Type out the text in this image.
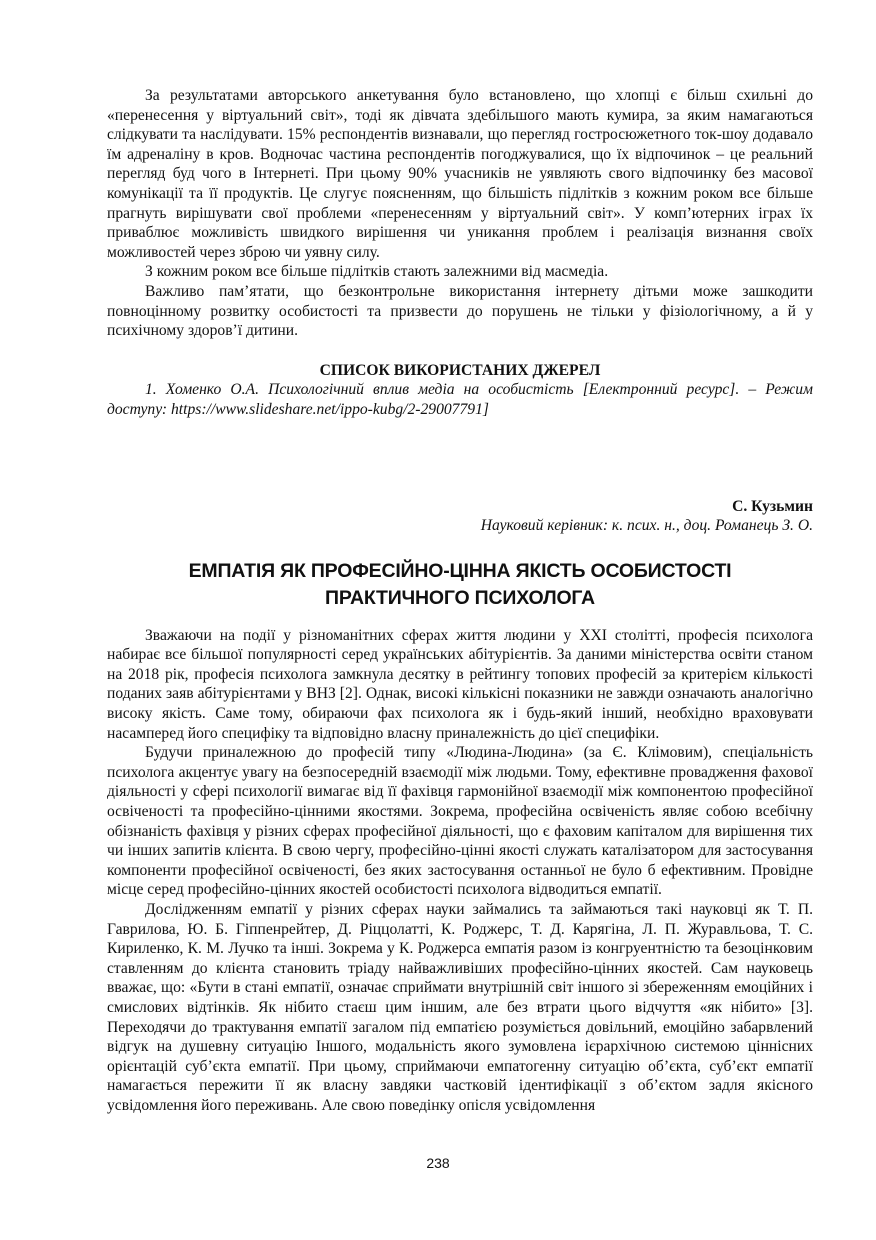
За результатами авторського анкетування було встановлено, що хлопці є більш схильні до «перенесення у віртуальний світ», тоді як дівчата здебільшого мають кумира, за яким намагаються слідкувати та наслідувати. 15% респондентів визнавали, що перегляд гостросюжетного ток-шоу додавало їм адреналіну в кров. Водночас частина респондентів погоджувалися, що їх відпочинок – це реальний перегляд буд чого в Інтернеті. При цьому 90% учасників не уявляють свого відпочинку без масової комунікації та її продуктів. Це слугує поясненням, що більшість підлітків з кожним роком все більше прагнуть вирішувати свої проблеми «перенесенням у віртуальний світ». У комп’ютерних іграх їх приваблює можливість швидкого вирішення чи уникання проблем і реалізація визнання своїх можливостей через зброю чи уявну силу.

З кожним роком все більше підлітків стають залежними від масмедіа.

Важливо пам’ятати, що безконтрольне використання інтернету дітьми може зашкодити повноцінному розвитку особистості та призвести до порушень не тільки у фізіологічному, а й у психічному здоров’ї дитини.

СПИСОК ВИКОРИСТАНИХ ДЖЕРЕЛ

1. Хоменко О.А. Психологічний вплив медіа на особистість [Електронний ресурс]. – Режим доступу: https://www.slideshare.net/ippo-kubg/2-29007791]

С. Кузьмин

Науковий керівник: к. псих. н., доц. Романець З. О.

ЕМПАТІЯ ЯК ПРОФЕСІЙНО-ЦІННА ЯКІСТЬ ОСОБИСТОСТІ
ПРАКТИЧНОГО ПСИХОЛОГА

Зважаючи на події у різноманітних сферах життя людини у ХХІ столітті, професія психолога набирає все більшої популярності серед українських абітурієнтів. За даними міністерства освіти станом на 2018 рік, професія психолога замкнула десятку в рейтингу топових професій за критерієм кількості поданих заяв абітурієнтами у ВНЗ [2]. Однак, високі кількісні показники не завжди означають аналогічно високу якість. Саме тому, обираючи фах психолога як і будь-який інший, необхідно враховувати насамперед його специфіку та відповідно власну приналежність до цієї специфіки.

Будучи приналежною до професій типу «Людина-Людина» (за Є. Клімовим), спеціальність психолога акцентує увагу на безпосередній взаємодії між людьми. Тому, ефективне провадження фахової діяльності у сфері психології вимагає від її фахівця гармонійної взаємодії між компонентою професійної освіченості та професійно-цінними якостями. Зокрема, професійна освіченість являє собою всебічну обізнаність фахівця у різних сферах професійної діяльності, що є фаховим капіталом для вирішення тих чи інших запитів клієнта. В свою чергу, професійно-цінні якості служать каталізатором для застосування компоненти професійної освіченості, без яких застосування останньої не було б ефективним. Провідне місце серед професійно-цінних якостей особистості психолога відводиться емпатії.

Дослідженням емпатії у різних сферах науки займались та займаються такі науковці як Т. П. Гаврилова, Ю. Б. Гіппенрейтер, Д. Ріццолатті, К. Роджерс, Т. Д. Карягіна, Л. П. Журавльова, Т. С. Кириленко, К. М. Лучко та інші. Зокрема у К. Роджерса емпатія разом із конгруентністю та безоцінковим ставленням до клієнта становить тріаду найважливіших професійно-цінних якостей. Сам науковець вважає, що: «Бути в стані емпатії, означає сприймати внутрішній світ іншого зі збереженням емоційних і смислових відтінків. Як нібито стаєш цим іншим, але без втрати цього відчуття «як нібито» [3]. Переходячи до трактування емпатії загалом під емпатією розуміється довільний, емоційно забарвлений відгук на душевну ситуацію Іншого, модальність якого зумовлена ієрархічною системою ціннісних орієнтацій суб’єкта емпатії. При цьому, сприймаючи емпатогенну ситуацію об’єкта, суб’єкт емпатії намагається пережити її як власну завдяки частковій ідентифікації з об’єктом задля якісного усвідомлення його переживань. Але свою поведінку опісля усвідомлення

238
